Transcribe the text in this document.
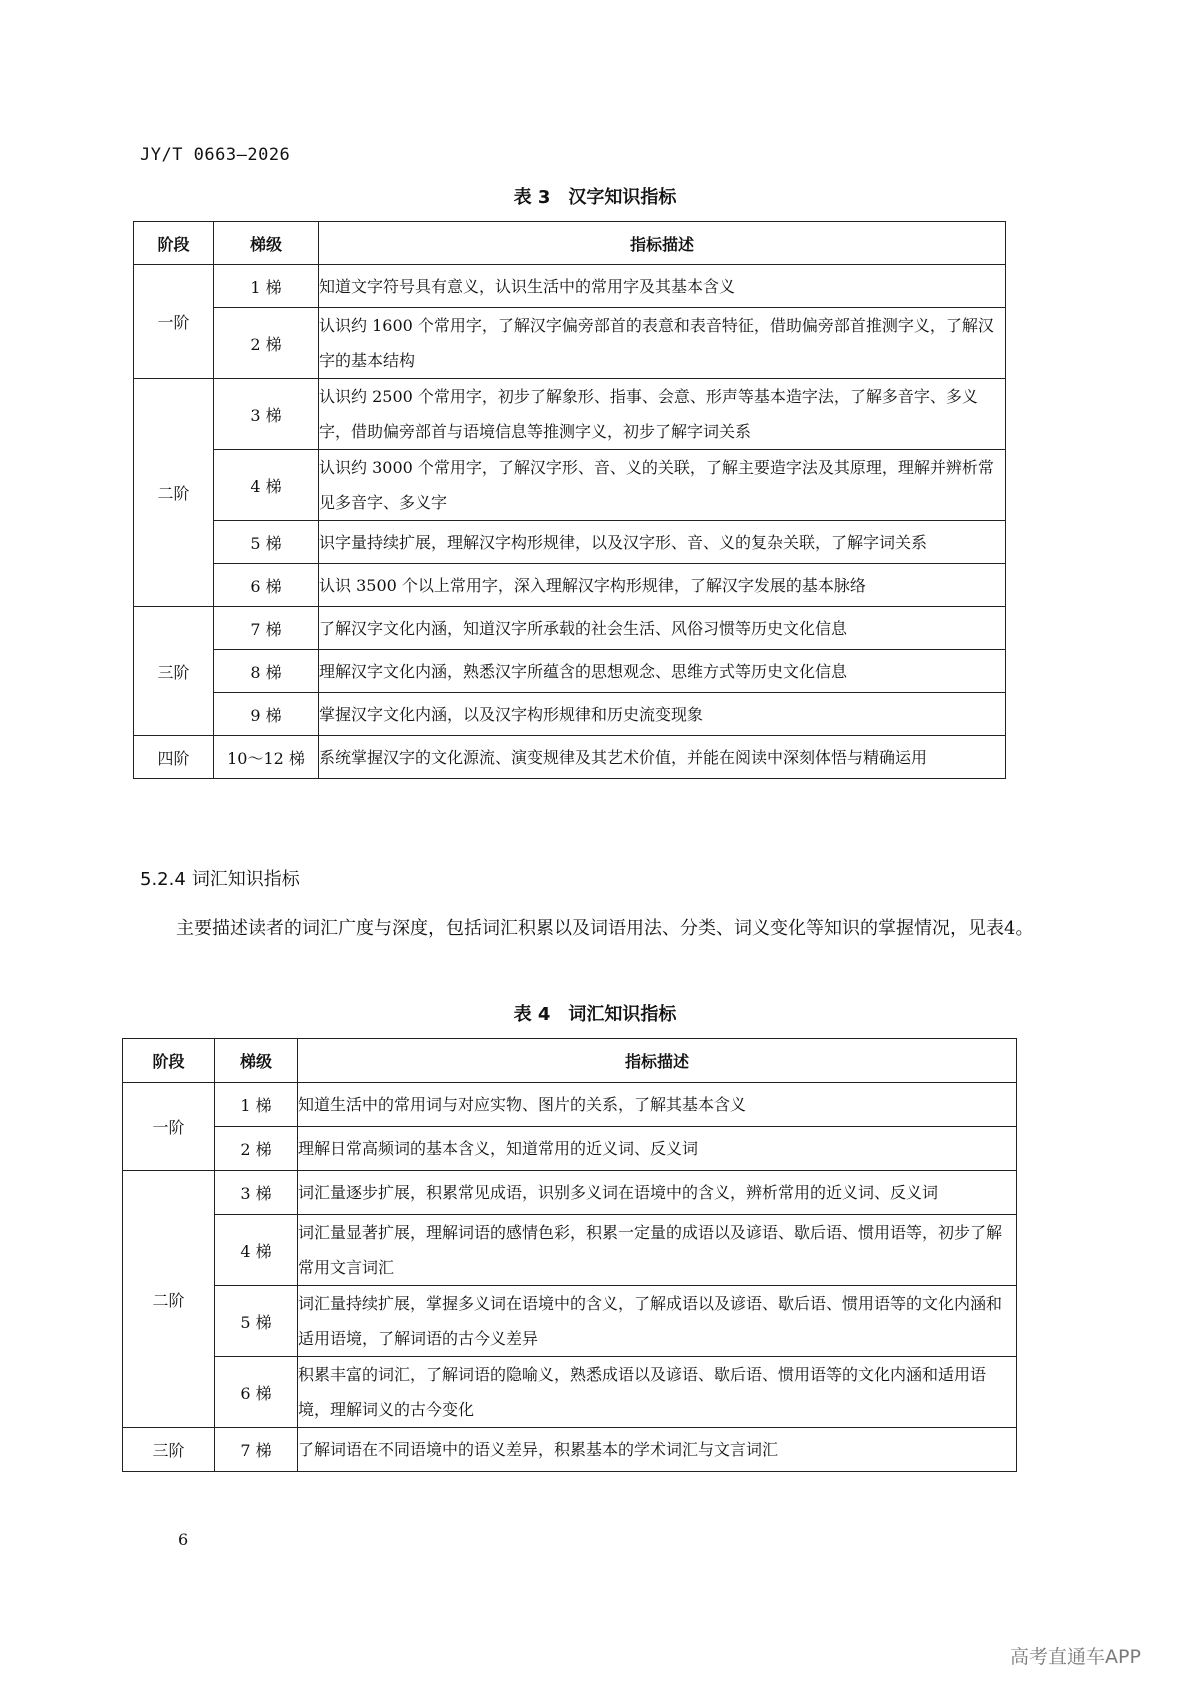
JY/T 0663—2026
表 3 汉字知识指标
阶段	梯级	指标描述
一阶	1 梯	知道文字符号具有意义，认识生活中的常用字及其基本含义
	2 梯	认识约 1600 个常用字，了解汉字偏旁部首的表意和表音特征，借助偏旁部首推测字义，了解汉字的基本结构
二阶	3 梯	认识约 2500 个常用字，初步了解象形、指事、会意、形声等基本造字法，了解多音字、多义字，借助偏旁部首与语境信息等推测字义，初步了解字词关系
	4 梯	认识约 3000 个常用字，了解汉字形、音、义的关联，了解主要造字法及其原理，理解并辨析常见多音字、多义字
	5 梯	识字量持续扩展，理解汉字构形规律，以及汉字形、音、义的复杂关联，了解字词关系
	6 梯	认识 3500 个以上常用字，深入理解汉字构形规律，了解汉字发展的基本脉络
三阶	7 梯	了解汉字文化内涵，知道汉字所承载的社会生活、风俗习惯等历史文化信息
	8 梯	理解汉字文化内涵，熟悉汉字所蕴含的思想观念、思维方式等历史文化信息
	9 梯	掌握汉字文化内涵，以及汉字构形规律和历史流变现象
四阶	10～12 梯	系统掌握汉字的文化源流、演变规律及其艺术价值，并能在阅读中深刻体悟与精确运用
5.2.4 词汇知识指标
主要描述读者的词汇广度与深度，包括词汇积累以及词语用法、分类、词义变化等知识的掌握情况，见表4。
表 4 词汇知识指标
阶段	梯级	指标描述
一阶	1 梯	知道生活中的常用词与对应实物、图片的关系，了解其基本含义
	2 梯	理解日常高频词的基本含义，知道常用的近义词、反义词
二阶	3 梯	词汇量逐步扩展，积累常见成语，识别多义词在语境中的含义，辨析常用的近义词、反义词
	4 梯	词汇量显著扩展，理解词语的感情色彩，积累一定量的成语以及谚语、歇后语、惯用语等，初步了解常用文言词汇
	5 梯	词汇量持续扩展，掌握多义词在语境中的含义，了解成语以及谚语、歇后语、惯用语等的文化内涵和适用语境，了解词语的古今义差异
	6 梯	积累丰富的词汇，了解词语的隐喻义，熟悉成语以及谚语、歇后语、惯用语等的文化内涵和适用语境，理解词义的古今变化
三阶	7 梯	了解词语在不同语境中的语义差异，积累基本的学术词汇与文言词汇
6
高考直通车APP
